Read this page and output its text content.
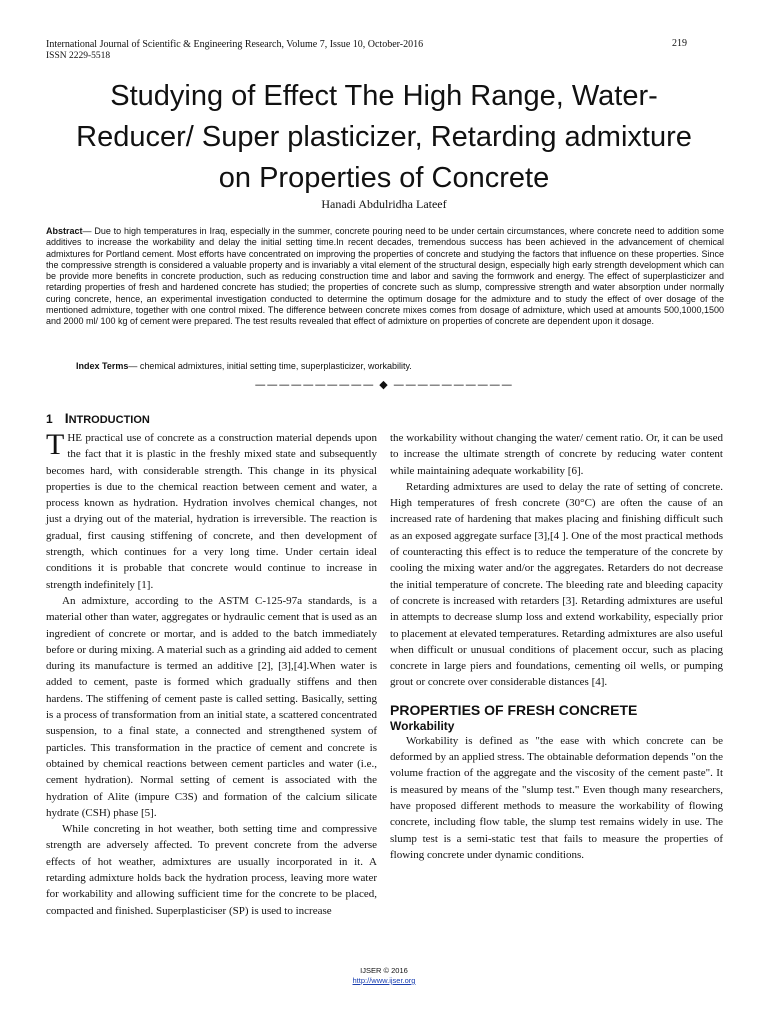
International Journal of Scientific & Engineering Research, Volume 7, Issue 10, October-2016	219
ISSN 2229-5518
Studying of Effect The High Range, Water-
Reducer/ Super plasticizer, Retarding admixture
on Properties of Concrete
Hanadi Abdulridha Lateef

Abstract— Due to high temperatures in Iraq, especially in the summer, concrete pouring need to be under certain circumstances, where concrete need to addition some additives to increase the workability and delay the initial setting time.In recent decades, tremendous success has been achieved in the advancement of chemical admixtures for Portland cement. Most efforts have concentrated on improving the properties of concrete and studying the factors that influence on these properties. Since the compressive strength is considered a valuable property and is invariably a vital element of the structural design, especially high early strength development which can be provide more benefits in concrete production, such as reducing construction time and labor and saving the formwork and energy. The effect of superplasticizer and retarding properties of fresh and hardened concrete has studied; the properties of concrete such as slump, compressive strength and water absorption under normally curing concrete, hence, an experimental investigation conducted to determine the optimum dosage for the admixture and to study the effect of over dosage of the mentioned admixture, together with one control mixed. The difference between concrete mixes comes from dosage of admixture, which used at amounts 500,1000,1500 and 2000 ml/ 100 kg of cement were prepared. The test results revealed that effect of admixture on properties of concrete are dependent upon it dosage.

Index Terms— chemical admixtures, initial setting time, superplasticizer, workability.
—————————— ◆ ——————————
1 INTRODUCTION

THE practical use of concrete as a construction material depends upon the fact that it is plastic in the freshly mixed state and subsequently becomes hard, with considerable strength. This change in its physical properties is due to the chemical reaction between cement and water, a process known as hydration. Hydration involves chemical changes, not just a drying out of the material, hydration is irreversible. The reaction is gradual, first causing stiffening of concrete, and then development of strength, which continues for a very long time. Under certain ideal conditions it is probable that concrete would continue to increase in strength indefinitely [1].

An admixture, according to the ASTM C-125-97a standards, is a material other than water, aggregates or hydraulic cement that is used as an ingredient of concrete or mortar, and is added to the batch immediately before or during mixing. A material such as a grinding aid added to cement during its manufacture is termed an additive [2], [3],[4].When water is added to cement, paste is formed which gradually stiffens and then hardens. The stiffening of cement paste is called setting. Basically, setting is a process of transformation from an initial state, a scattered concentrated suspension, to a final state, a connected and strengthened system of particles. This transformation in the practice of cement and concrete is obtained by chemical reactions between cement particles and water (i.e., cement hydration). Normal setting of cement is associated with the hydration of Alite (impure C3S) and formation of the calcium silicate hydrate (CSH) phase [5].

While concreting in hot weather, both setting time and compressive strength are adversely affected. To prevent concrete from the adverse effects of hot weather, admixtures are usually incorporated in it. A retarding admixture holds back the hydration process, leaving more water for workability and allowing sufficient time for the concrete to be placed, compacted and finished. Superplasticiser (SP) is used to increase

the workability without changing the water/ cement ratio. Or, it can be used to increase the ultimate strength of concrete by reducing water content while maintaining adequate workability [6].

Retarding admixtures are used to delay the rate of setting of concrete. High temperatures of fresh concrete (30°C) are often the cause of an increased rate of hardening that makes placing and finishing difficult such as an exposed aggregate surface [3],[4 ]. One of the most practical methods of counteracting this effect is to reduce the temperature of the concrete by cooling the mixing water and/or the aggregates. Retarders do not decrease the initial temperature of concrete. The bleeding rate and bleeding capacity of concrete is increased with retarders [3]. Retarding admixtures are useful in attempts to decrease slump loss and extend workability, especially prior to placement at elevated temperatures. Retarding admixtures are also useful when difficult or unusual conditions of placement occur, such as placing concrete in large piers and foundations, cementing oil wells, or pumping grout or concrete over considerable distances [4].

PROPERTIES OF FRESH CONCRETE
Workability

Workability is defined as "the ease with which concrete can be deformed by an applied stress. The obtainable deformation depends "on the volume fraction of the aggregate and the viscosity of the cement paste". It is measured by means of the "slump test." Even though many researchers, have proposed different methods to measure the workability of flowing concrete, including flow table, the slump test remains widely in use. The slump test is a semi-static test that fails to measure the properties of flowing concrete under dynamic conditions.

IJSER © 2016
http://www.ijser.org
